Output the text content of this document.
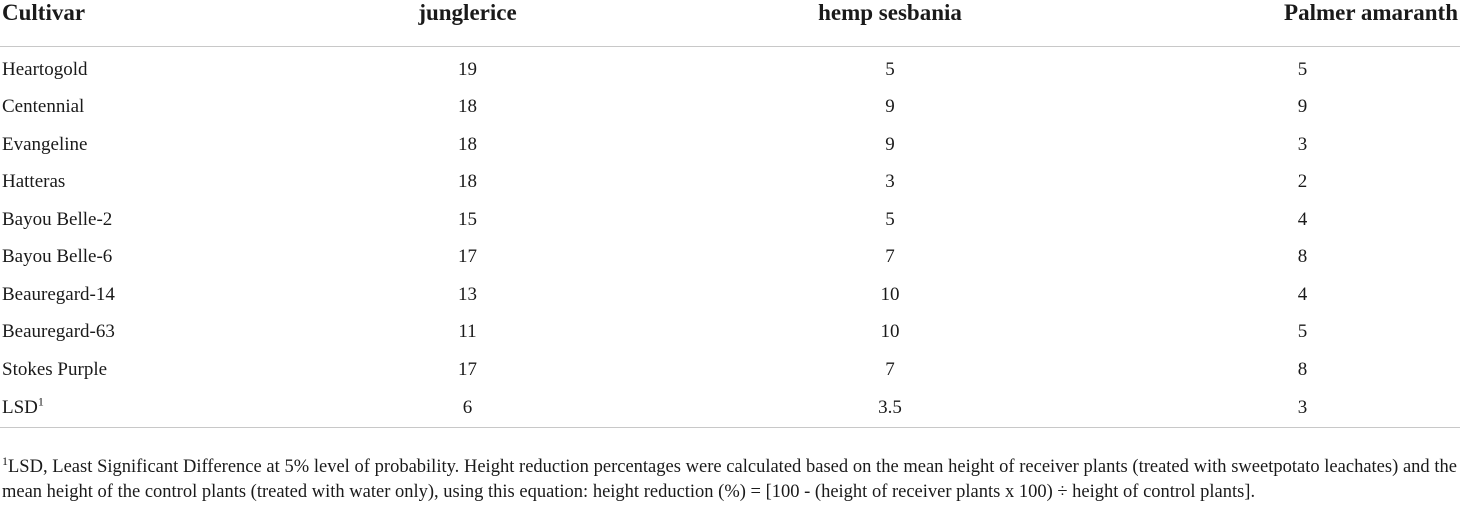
Cultivar	junglerice	hemp sesbania	Palmer amaranth
Heartogold	19	5	5
Centennial	18	9	9
Evangeline	18	9	3
Hatteras	18	3	2
Bayou Belle-2	15	5	4
Bayou Belle-6	17	7	8
Beauregard-14	13	10	4
Beauregard-63	11	10	5
Stokes Purple	17	7	8
LSD$^1$	6	3.5	3
$^1$LSD, Least Significant Difference at 5% level of probability. Height reduction percentages were calculated based on the mean height of receiver plants (treated with sweetpotato leachates) and the mean height of the control plants (treated with water only), using this equation: height reduction (%) = [100 - (height of receiver plants x 100) ÷ height of control plants].
